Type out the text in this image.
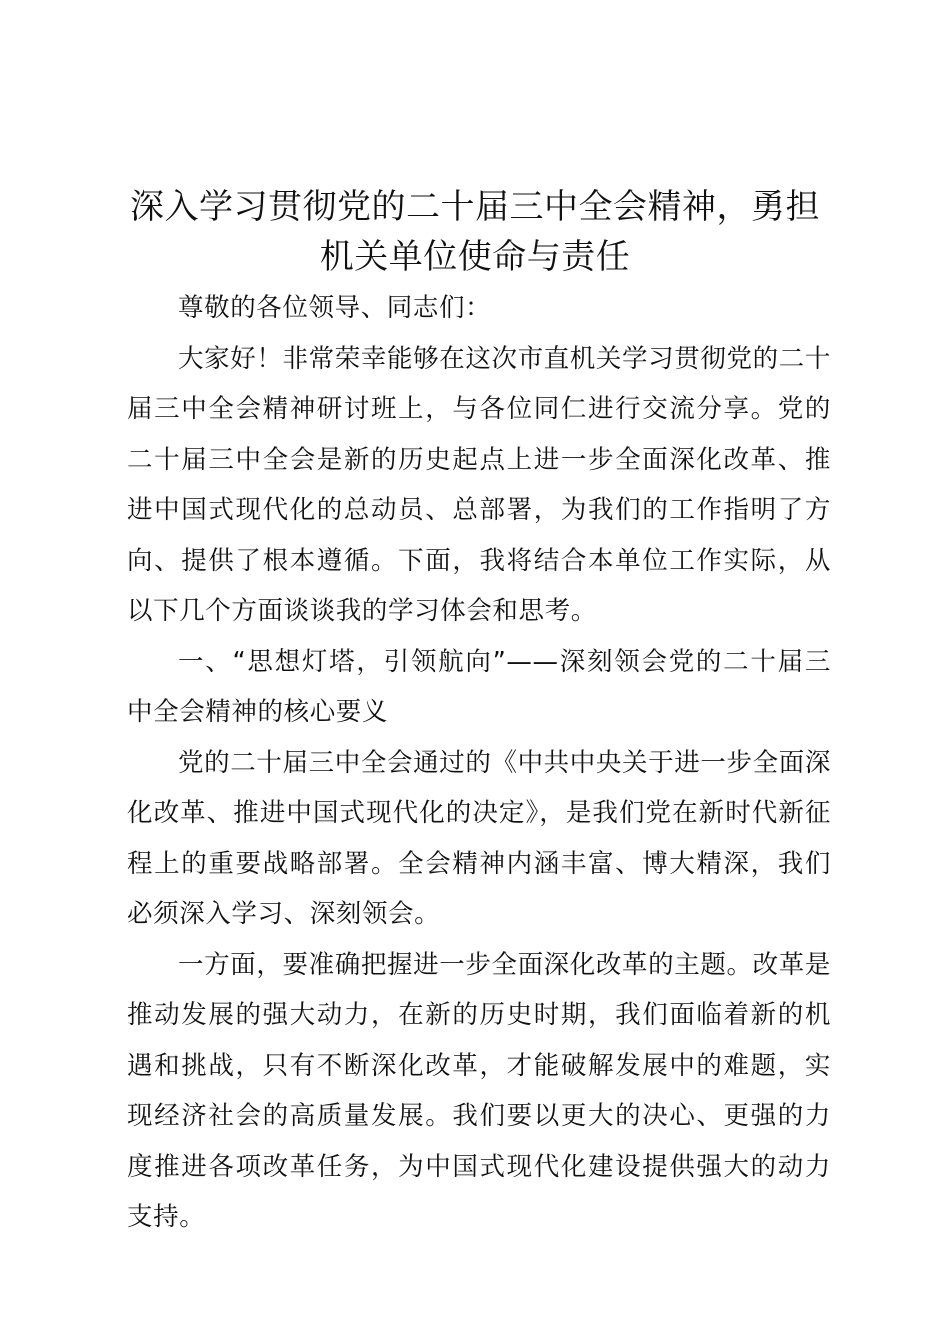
深入学习贯彻党的二十届三中全会精神，勇担
机关单位使命与责任

尊敬的各位领导、同志们：

大家好！非常荣幸能够在这次市直机关学习贯彻党的二十届三中全会精神研讨班上，与各位同仁进行交流分享。党的二十届三中全会是新的历史起点上进一步全面深化改革、推进中国式现代化的总动员、总部署，为我们的工作指明了方向、提供了根本遵循。下面，我将结合本单位工作实际，从以下几个方面谈谈我的学习体会和思考。

一、“思想灯塔，引领航向”——深刻领会党的二十届三中全会精神的核心要义

党的二十届三中全会通过的《中共中央关于进一步全面深化改革、推进中国式现代化的决定》，是我们党在新时代新征程上的重要战略部署。全会精神内涵丰富、博大精深，我们必须深入学习、深刻领会。

一方面，要准确把握进一步全面深化改革的主题。改革是推动发展的强大动力，在新的历史时期，我们面临着新的机遇和挑战，只有不断深化改革，才能破解发展中的难题，实现经济社会的高质量发展。我们要以更大的决心、更强的力度推进各项改革任务，为中国式现代化建设提供强大的动力支持。
